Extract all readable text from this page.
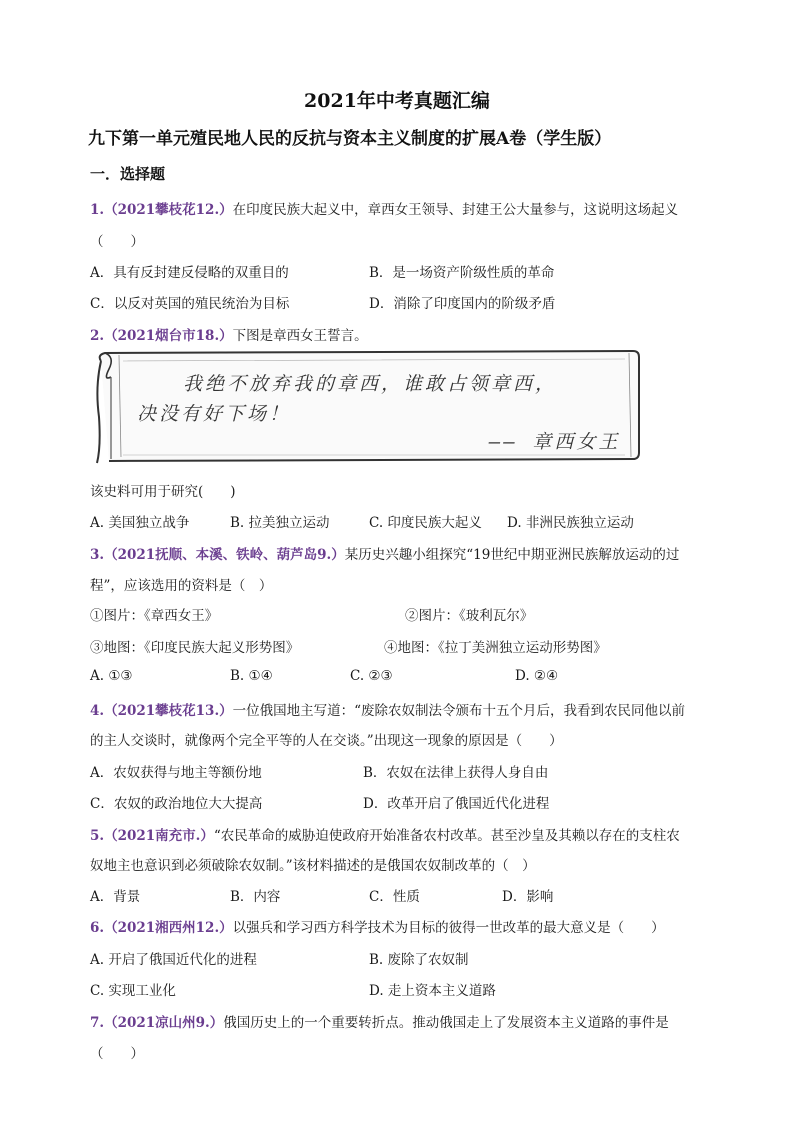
2021年中考真题汇编
九下第一单元殖民地人民的反抗与资本主义制度的扩展A卷（学生版）
一．选择题
1.（2021攀枝花12.）在印度民族大起义中，章西女王领导、封建王公大量参与，这说明这场起义
（　　）
A．具有反封建反侵略的双重目的	B．是一场资产阶级性质的革命
C．以反对英国的殖民统治为目标	D．消除了印度国内的阶级矛盾
2.（2021烟台市18.）下图是章西女王誓言。
我绝不放弃我的章西，谁敢占领章西，
决没有好下场！
—— 章西女王
该史料可用于研究(　　)
A. 美国独立战争	B. 拉美独立运动	C. 印度民族大起义 D. 非洲民族独立运动
3.（2021抚顺、本溪、铁岭、葫芦岛9.）某历史兴趣小组探究“19世纪中期亚洲民族解放运动的过
程”，应该选用的资料是（　）
①图片：《章西女王》	②图片：《玻利瓦尔》
③地图：《印度民族大起义形势图》	④地图：《拉丁美洲独立运动形势图》
A. ①③	B. ①④	C. ②③	D. ②④
4.（2021攀枝花13.）一位俄国地主写道：“废除农奴制法令颁布十五个月后，我看到农民同他以前
的主人交谈时，就像两个完全平等的人在交谈。”出现这一现象的原因是（　　）
A．农奴获得与地主等额份地	B．农奴在法律上获得人身自由
C．农奴的政治地位大大提高	D．改革开启了俄国近代化进程
5.（2021南充市.）“农民革命的威胁迫使政府开始准备农村改革。甚至沙皇及其赖以存在的支柱农
奴地主也意识到必须破除农奴制。”该材料描述的是俄国农奴制改革的（　）
A．背景	B．内容	C．性质	D．影响
6.（2021湘西州12.）以强兵和学习西方科学技术为目标的彼得一世改革的最大意义是（　　）
A. 开启了俄国近代化的进程	B. 废除了农奴制
C. 实现工业化	D. 走上资本主义道路
7.（2021凉山州9.）俄国历史上的一个重要转折点。推动俄国走上了发展资本主义道路的事件是
（　　）
